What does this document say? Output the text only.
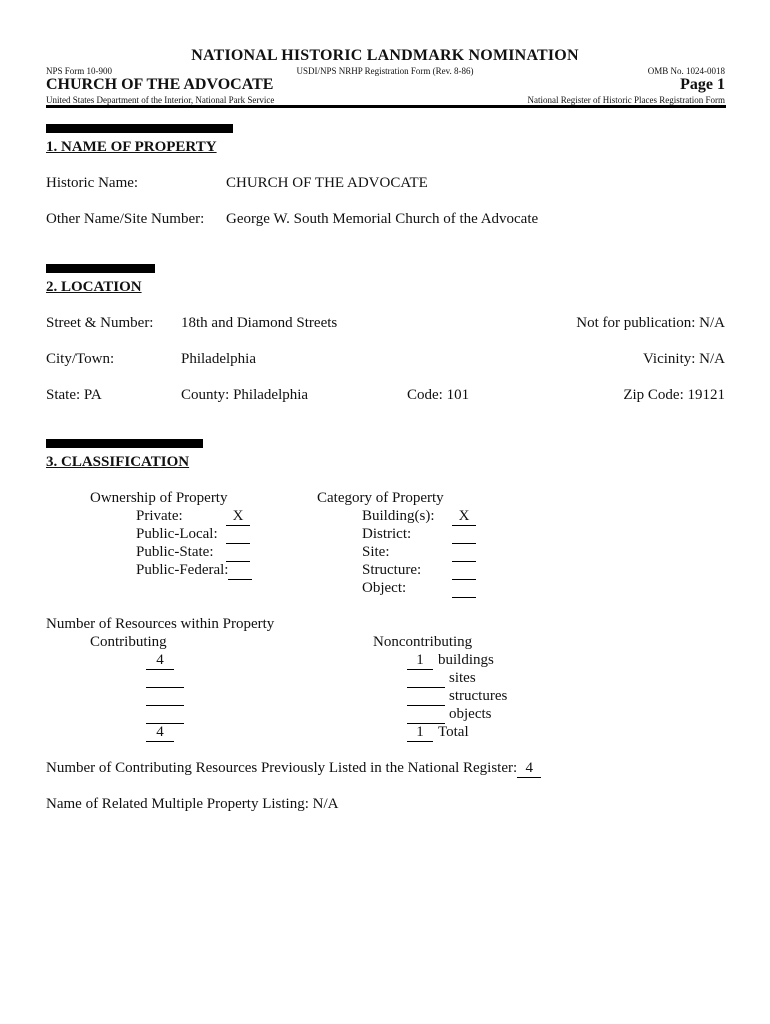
NATIONAL HISTORIC LANDMARK NOMINATION
NPS Form 10-900	USDI/NPS NRHP Registration Form (Rev. 8-86)	OMB No. 1024-0018
CHURCH OF THE ADVOCATE	Page 1
United States Department of the Interior, National Park Service	National Register of Historic Places Registration Form
1. NAME OF PROPERTY
Historic Name:	CHURCH OF THE ADVOCATE
Other Name/Site Number: George W. South Memorial Church of the Advocate
2. LOCATION
Street & Number: 18th and Diamond Streets	Not for publication: N/A
City/Town:	Philadelphia	Vicinity: N/A
State: PA	County: Philadelphia	Code: 101	Zip Code: 19121
3. CLASSIFICATION
Ownership of Property
Private:	X
Public-Local:
Public-State:
Public-Federal:
Category of Property
Building(s):	X
District:
Site:
Structure:
Object:
Number of Resources within Property
Contributing	Noncontributing
4	1 buildings
sites
structures
objects
4	1 Total
Number of Contributing Resources Previously Listed in the National Register: 4
Name of Related Multiple Property Listing: N/A
